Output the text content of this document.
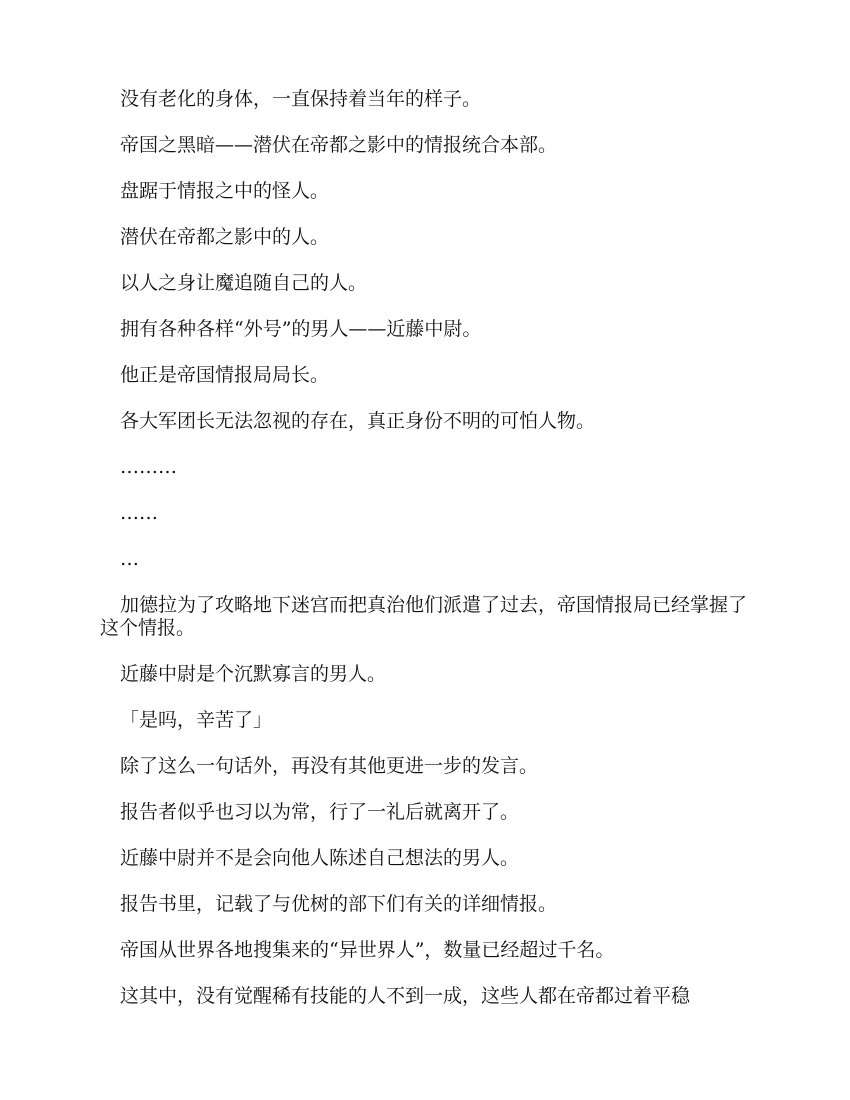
没有老化的身体，一直保持着当年的样子。

帝国之黑暗——潜伏在帝都之影中的情报统合本部。

盘踞于情报之中的怪人。

潜伏在帝都之影中的人。

以人之身让魔追随自己的人。

拥有各种各样“外号”的男人——近藤中尉。

他正是帝国情报局局长。

各大军团长无法忽视的存在，真正身份不明的可怕人物。

………

……

…

加德拉为了攻略地下迷宫而把真治他们派遣了过去，帝国情报局已经掌握了这个情报。

近藤中尉是个沉默寡言的男人。

「是吗，辛苦了」

除了这么一句话外，再没有其他更进一步的发言。

报告者似乎也习以为常，行了一礼后就离开了。

近藤中尉并不是会向他人陈述自己想法的男人。

报告书里，记载了与优树的部下们有关的详细情报。

帝国从世界各地搜集来的“异世界人”，数量已经超过千名。

这其中，没有觉醒稀有技能的人不到一成，这些人都在帝都过着平稳
